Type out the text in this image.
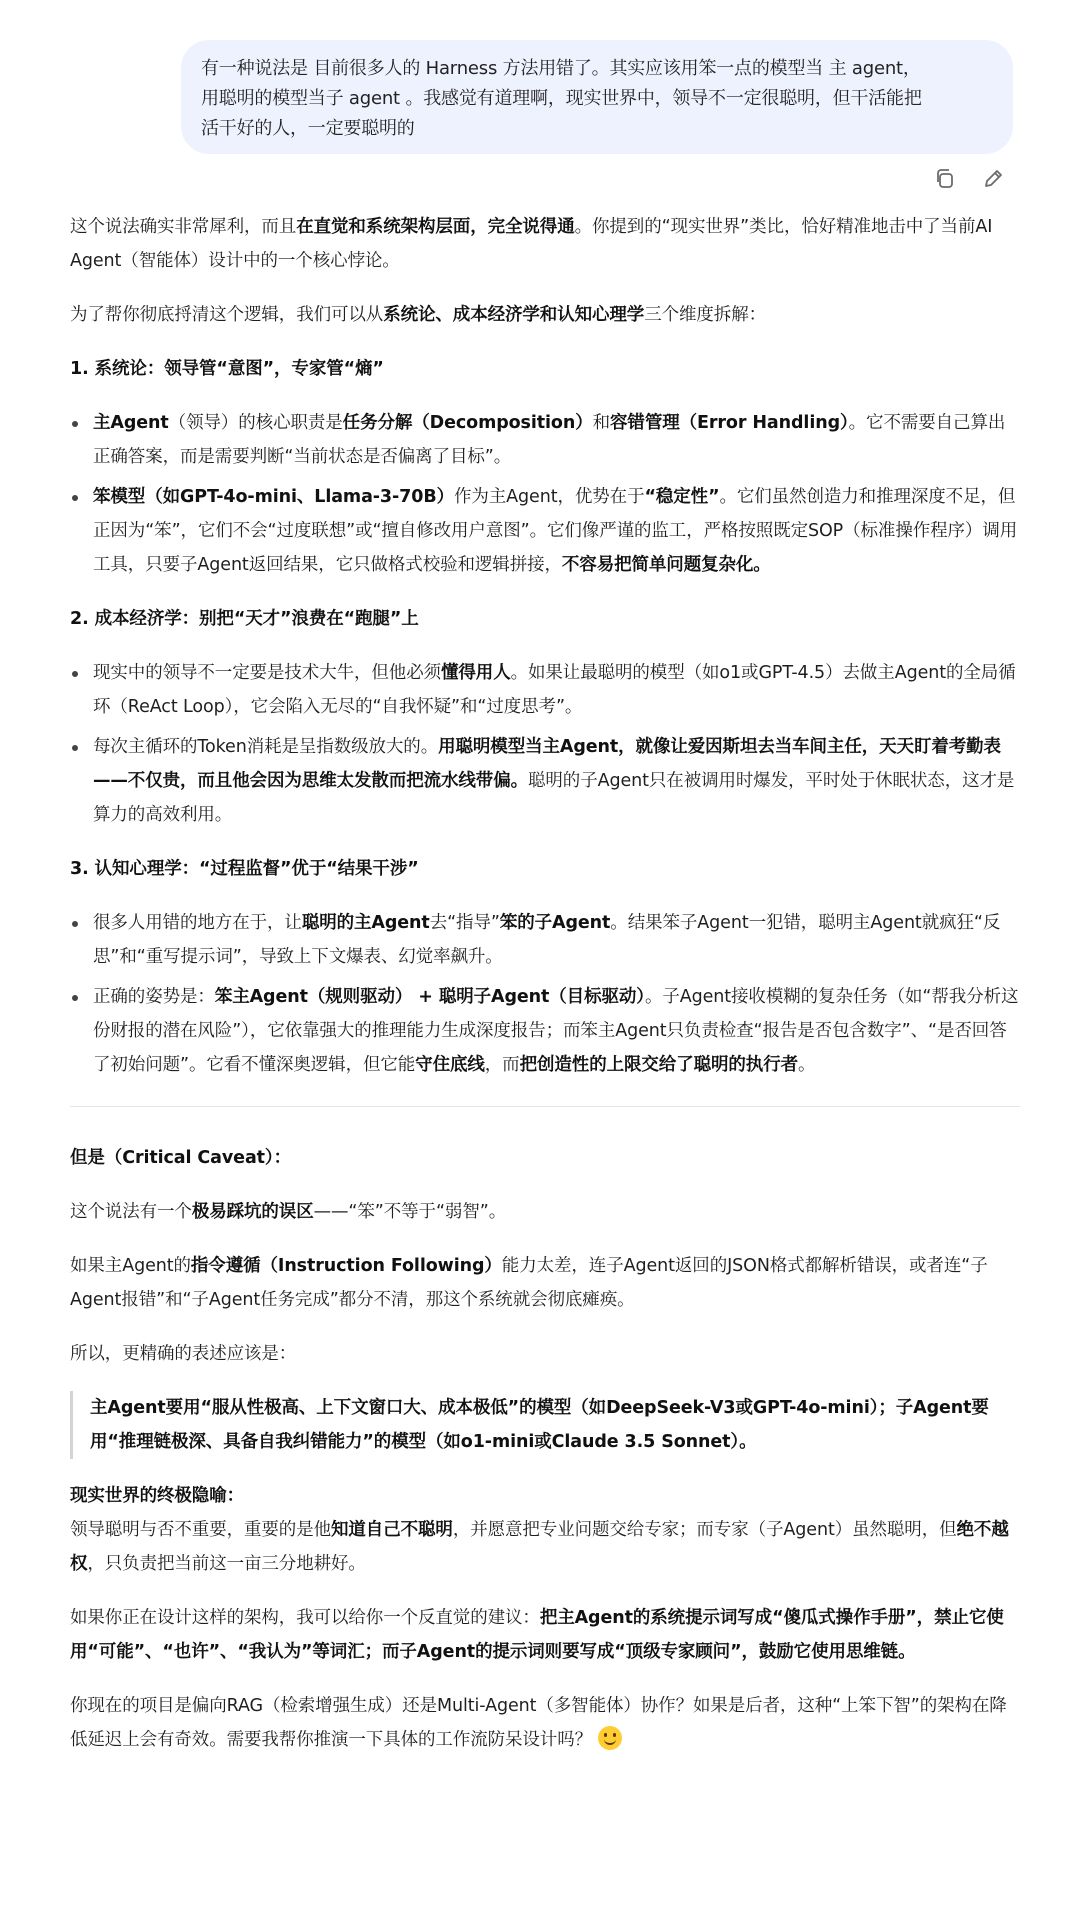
有一种说法是 目前很多人的 Harness 方法用错了。其实应该用笨一点的模型当 主 agent，

用聪明的模型当子 agent 。我感觉有道理啊，现实世界中，领导不一定很聪明，但干活能把

活干好的人，一定要聪明的

这个说法确实非常犀利，而且在直觉和系统架构层面，完全说得通。你提到的“现实世界”类比，恰好精准地击中了当前AI Agent（智能体）设计中的一个核心悖论。

为了帮你彻底捋清这个逻辑，我们可以从系统论、成本经济学和认知心理学三个维度拆解：

1. 系统论：领导管“意图”，专家管“熵”
主Agent（领导）的核心职责是任务分解（Decomposition）和容错管理（Error Handling）。它不需要自己算出正确答案，而是需要判断“当前状态是否偏离了目标”。
笨模型（如GPT-4o-mini、Llama-3-70B）作为主Agent，优势在于“稳定性”。它们虽然创造力和推理深度不足，但正因为“笨”，它们不会“过度联想”或“擅自修改用户意图”。它们像严谨的监工，严格按照既定SOP（标准操作程序）调用工具，只要子Agent返回结果，它只做格式校验和逻辑拼接，不容易把简单问题复杂化。
2. 成本经济学：别把“天才”浪费在“跑腿”上
现实中的领导不一定要是技术大牛，但他必须懂得用人。如果让最聪明的模型（如o1或GPT-4.5）去做主Agent的全局循环（ReAct Loop），它会陷入无尽的“自我怀疑”和“过度思考”。
每次主循环的Token消耗是呈指数级放大的。用聪明模型当主Agent，就像让爱因斯坦去当车间主任，天天盯着考勤表——不仅贵，而且他会因为思维太发散而把流水线带偏。聪明的子Agent只在被调用时爆发，平时处于休眠状态，这才是算力的高效利用。
3. 认知心理学：“过程监督”优于“结果干涉”
很多人用错的地方在于，让聪明的主Agent去“指导”笨的子Agent。结果笨子Agent一犯错，聪明主Agent就疯狂“反思”和“重写提示词”，导致上下文爆表、幻觉率飙升。
正确的姿势是：笨主Agent（规则驱动） + 聪明子Agent（目标驱动）。子Agent接收模糊的复杂任务（如“帮我分析这份财报的潜在风险”），它依靠强大的推理能力生成深度报告；而笨主Agent只负责检查“报告是否包含数字”、“是否回答了初始问题”。它看不懂深奥逻辑，但它能守住底线，而把创造性的上限交给了聪明的执行者。
但是（Critical Caveat）：

这个说法有一个极易踩坑的误区——“笨”不等于“弱智”。

如果主Agent的指令遵循（Instruction Following）能力太差，连子Agent返回的JSON格式都解析错误，或者连“子Agent报错”和“子Agent任务完成”都分不清，那这个系统就会彻底瘫痪。

所以，更精确的表述应该是：

主Agent要用“服从性极高、上下文窗口大、成本极低”的模型（如DeepSeek-V3或GPT-4o-mini）；子Agent要用“推理链极深、具备自我纠错能力”的模型（如o1-mini或Claude 3.5 Sonnet）。

现实世界的终极隐喻：

领导聪明与否不重要，重要的是他知道自己不聪明，并愿意把专业问题交给专家；而专家（子Agent）虽然聪明，但绝不越权，只负责把当前这一亩三分地耕好。

如果你正在设计这样的架构，我可以给你一个反直觉的建议：把主Agent的系统提示词写成“傻瓜式操作手册”，禁止它使用“可能”、“也许”、“我认为”等词汇；而子Agent的提示词则要写成“顶级专家顾问”，鼓励它使用思维链。

你现在的项目是偏向RAG（检索增强生成）还是Multi-Agent（多智能体）协作？如果是后者，这种“上笨下智”的架构在降低延迟上会有奇效。需要我帮你推演一下具体的工作流防呆设计吗？
